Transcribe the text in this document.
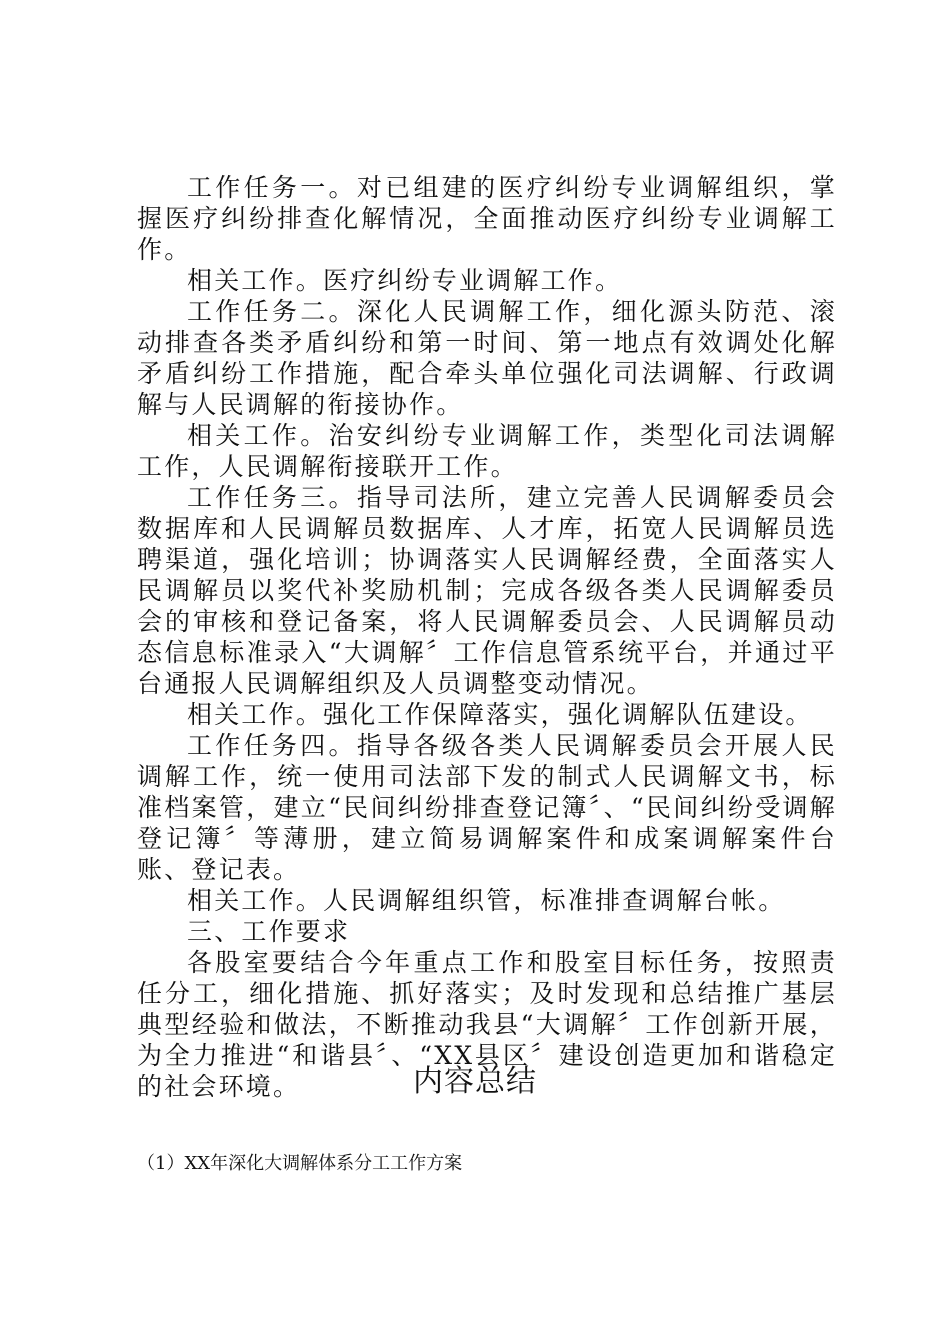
工作任务一。对已组建的医疗纠纷专业调解组织，掌握医疗纠纷排查化解情况，全面推动医疗纠纷专业调解工作。

相关工作。医疗纠纷专业调解工作。

工作任务二。深化人民调解工作，细化源头防范、滚动排查各类矛盾纠纷和第一时间、第一地点有效调处化解矛盾纠纷工作措施，配合牵头单位强化司法调解、行政调解与人民调解的衔接协作。

相关工作。治安纠纷专业调解工作，类型化司法调解工作，人民调解衔接联开工作。

工作任务三。指导司法所，建立完善人民调解委员会数据库和人民调解员数据库、人才库，拓宽人民调解员选聘渠道，强化培训；协调落实人民调解经费，全面落实人民调解员以奖代补奖励机制；完成各级各类人民调解委员会的审核和登记备案，将人民调解委员会、人民调解员动态信息标准录入“大调解〞工作信息管系统平台，并通过平台通报人民调解组织及人员调整变动情况。

相关工作。强化工作保障落实，强化调解队伍建设。

工作任务四。指导各级各类人民调解委员会开展人民调解工作，统一使用司法部下发的制式人民调解文书，标准档案管，建立“民间纠纷排查登记簿〞、“民间纠纷受调解登记簿〞等薄册，建立简易调解案件和成案调解案件台账、登记表。

相关工作。人民调解组织管，标准排查调解台帐。

三、工作要求

各股室要结合今年重点工作和股室目标任务，按照责任分工，细化措施、抓好落实；及时发现和总结推广基层典型经验和做法，不断推动我县“大调解〞工作创新开展，为全力推进“和谐县〞、“XX县区〞建设创造更加和谐稳定的社会环境。	内容总结
（1）XX年深化大调解体系分工工作方案
